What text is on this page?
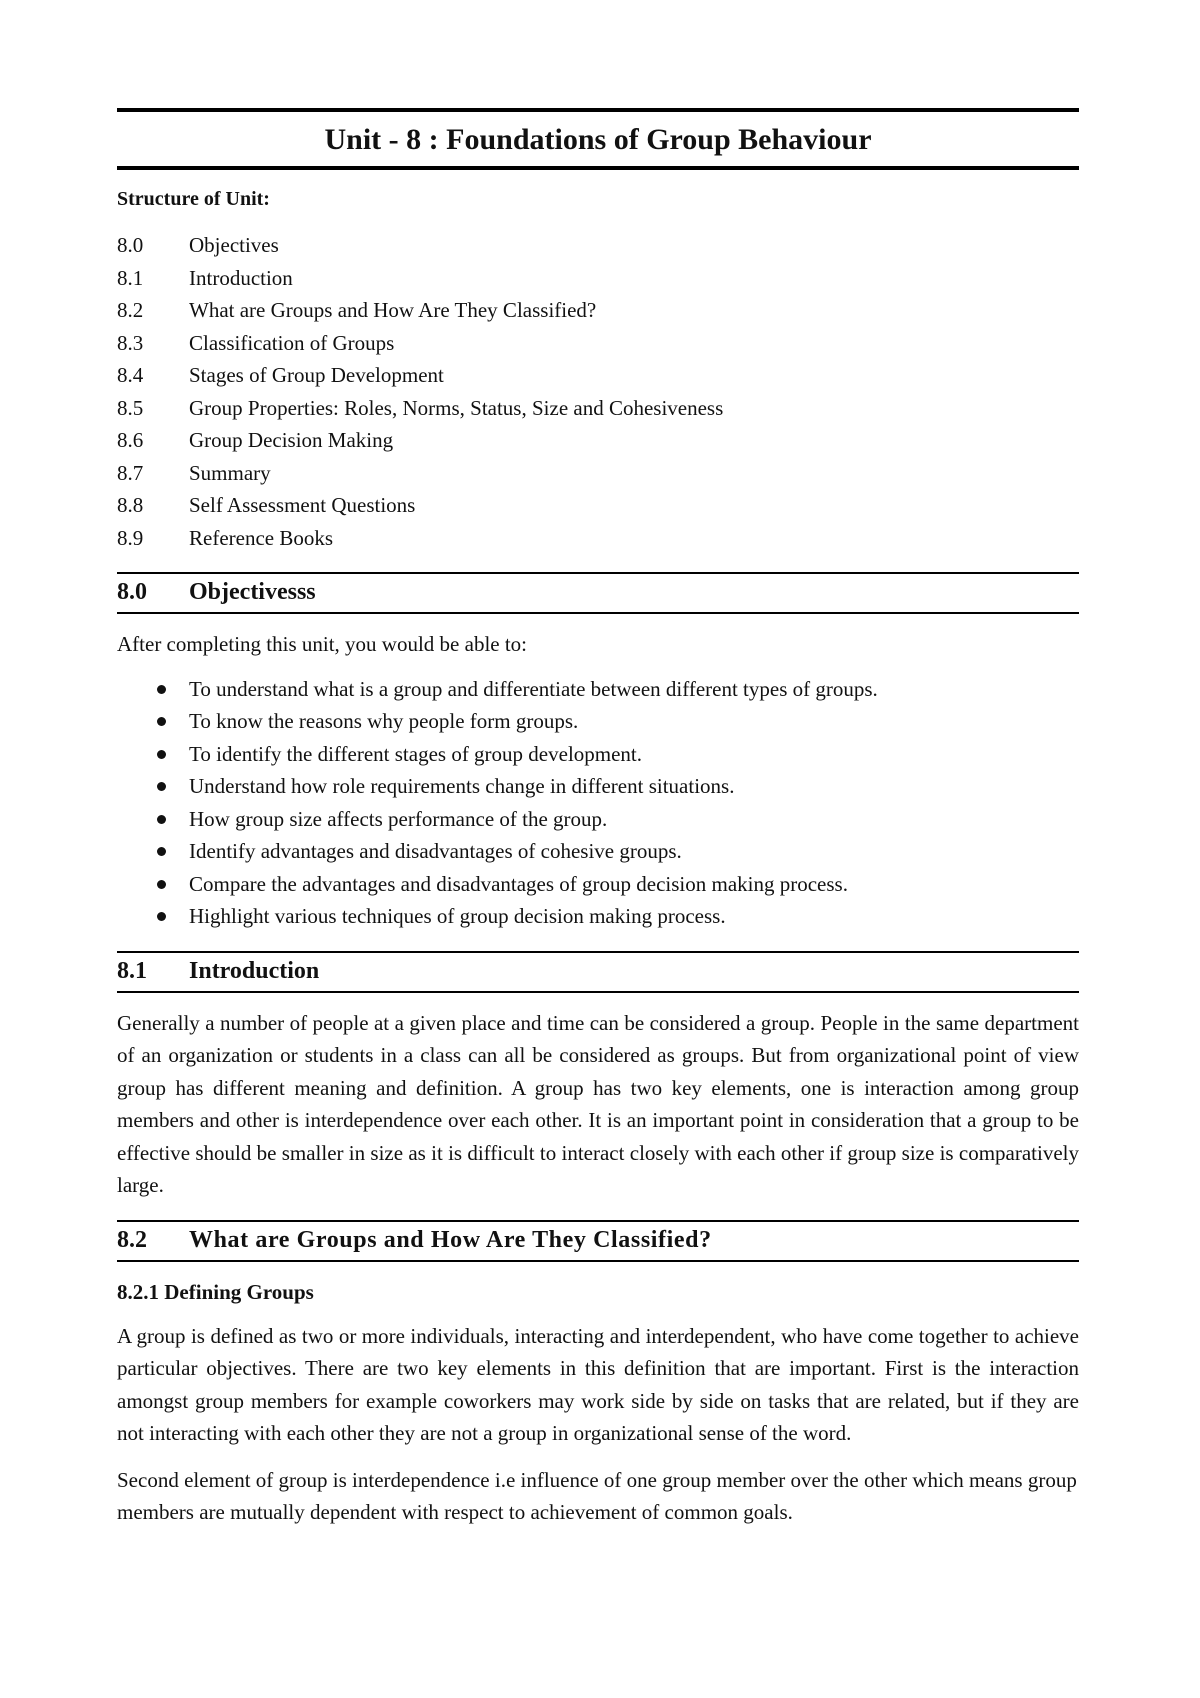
Unit - 8 : Foundations of Group Behaviour
Structure of Unit:
8.0	Objectives
8.1	Introduction
8.2	What are Groups and How Are They Classified?
8.3	Classification of Groups
8.4	Stages of Group Development
8.5	Group Properties: Roles, Norms, Status, Size and Cohesiveness
8.6	Group Decision Making
8.7	Summary
8.8	Self Assessment Questions
8.9	Reference Books
8.0	Objectivesss

After completing this unit, you would be able to:

To understand what is a group and differentiate between different types of groups.
To know the reasons why people form groups.
To identify the different stages of group development.
Understand how role requirements change in different situations.
How group size affects performance of the group.
Identify advantages and disadvantages of cohesive groups.
Compare the advantages and disadvantages of group decision making process.
Highlight various techniques of group decision making process.
8.1	Introduction

Generally a number of people at a given place and time can be considered a group. People in the same department of an organization or students in a class can all be considered as groups. But from organizational point of view group has different meaning and definition. A group has two key elements, one is interaction among group members and other is interdependence over each other. It is an important point in consideration that a group to be effective should be smaller in size as it is difficult to interact closely with each other if group size is comparatively large.

8.2	What are Groups and How Are They Classified?
8.2.1 Defining Groups

A group is defined as two or more individuals, interacting and interdependent, who have come together to achieve particular objectives. There are two key elements in this definition that are important. First is the interaction amongst group members for example coworkers may work side by side on tasks that are related, but if they are not interacting with each other they are not a group in organizational sense of the word.

Second element of group is interdependence i.e influence of one group member over the other which means group members are mutually dependent with respect to achievement of common goals.
